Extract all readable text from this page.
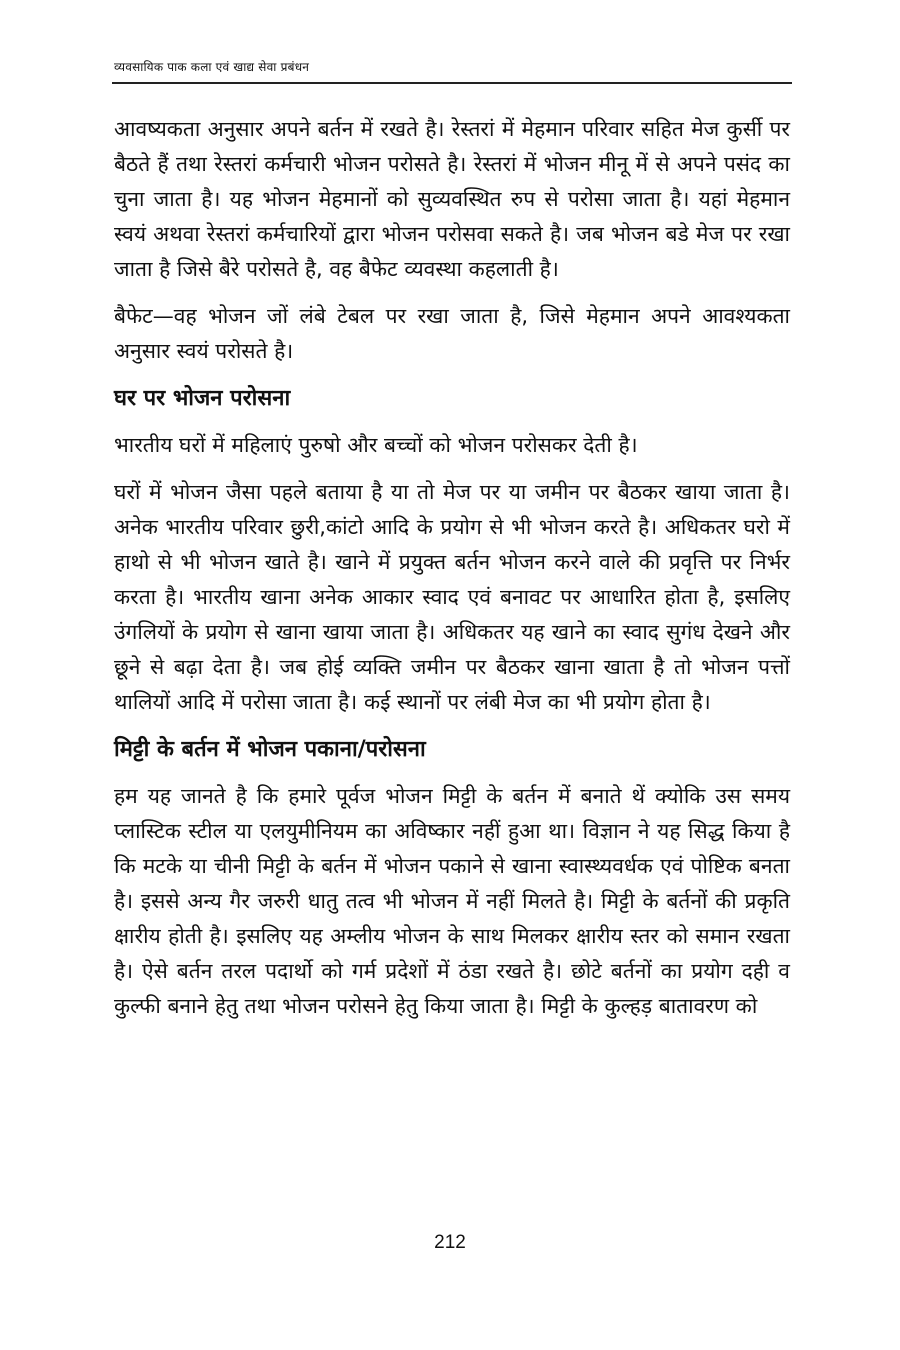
व्यवसायिक पाक कला एवं खाद्य सेवा प्रबंधन

आवष्यकता अनुसार अपने बर्तन में रखते है। रेस्तरां में मेहमान परिवार सहित मेज कुर्सी पर बैठते हैं तथा रेस्तरां कर्मचारी भोजन परोसते है। रेस्तरां में भोजन मीनू में से अपने पसंद का चुना जाता है। यह भोजन मेहमानों को सुव्यवस्थित रुप से परोसा जाता है। यहां मेहमान स्वयं अथवा रेस्तरां कर्मचारियों द्वारा भोजन परोसवा सकते है। जब भोजन बडे मेज पर रखा जाता है जिसे बैरे परोसते है, वह बैफेट व्यवस्था कहलाती है।

बैफेट—वह भोजन जों लंबे टेबल पर रखा जाता है, जिसे मेहमान अपने आवश्यकता अनुसार स्वयं परोसते है।

घर पर भोजन परोसना

भारतीय घरों में महिलाएं पुरुषो और बच्चों को भोजन परोसकर देती है।

घरों में भोजन जैसा पहले बताया है या तो मेज पर या जमीन पर बैठकर खाया जाता है। अनेक भारतीय परिवार छुरी,कांटो आदि के प्रयोग से भी भोजन करते है। अधिकतर घरो में हाथो से भी भोजन खाते है। खाने में प्रयुक्त बर्तन भोजन करने वाले की प्रवृत्ति पर निर्भर करता है। भारतीय खाना अनेक आकार स्वाद एवं बनावट पर आधारित होता है, इसलिए उंगलियों के प्रयोग से खाना खाया जाता है। अधिकतर यह खाने का स्वाद सुगंध देखने और छूने से बढ़ा देता है। जब होई व्यक्ति जमीन पर बैठकर खाना खाता है तो भोजन पत्तों थालियों आदि में परोसा जाता है। कई स्थानों पर लंबी मेज का भी प्रयोग होता है।

मिट्टी के बर्तन में भोजन पकाना/परोसना

हम यह जानते है कि हमारे पूर्वज भोजन मिट्टी के बर्तन में बनाते थें क्योकि उस समय प्लास्टिक स्टील या एलयुमीनियम का अविष्कार नहीं हुआ था। विज्ञान ने यह सिद्ध किया है कि मटके या चीनी मिट्टी के बर्तन में भोजन पकाने से खाना स्वास्थ्यवर्धक एवं पोष्टिक बनता है। इससे अन्य गैर जरुरी धातु तत्व भी भोजन में नहीं मिलते है। मिट्टी के बर्तनों की प्रकृति क्षारीय होती है। इसलिए यह अम्लीय भोजन के साथ मिलकर क्षारीय स्तर को समान रखता है। ऐसे बर्तन तरल पदार्थो को गर्म प्रदेशों में ठंडा रखते है। छोटे बर्तनों का प्रयोग दही व कुल्फी बनाने हेतु तथा भोजन परोसने हेतु किया जाता है। मिट्टी के कुल्हड़ बातावरण को

212
